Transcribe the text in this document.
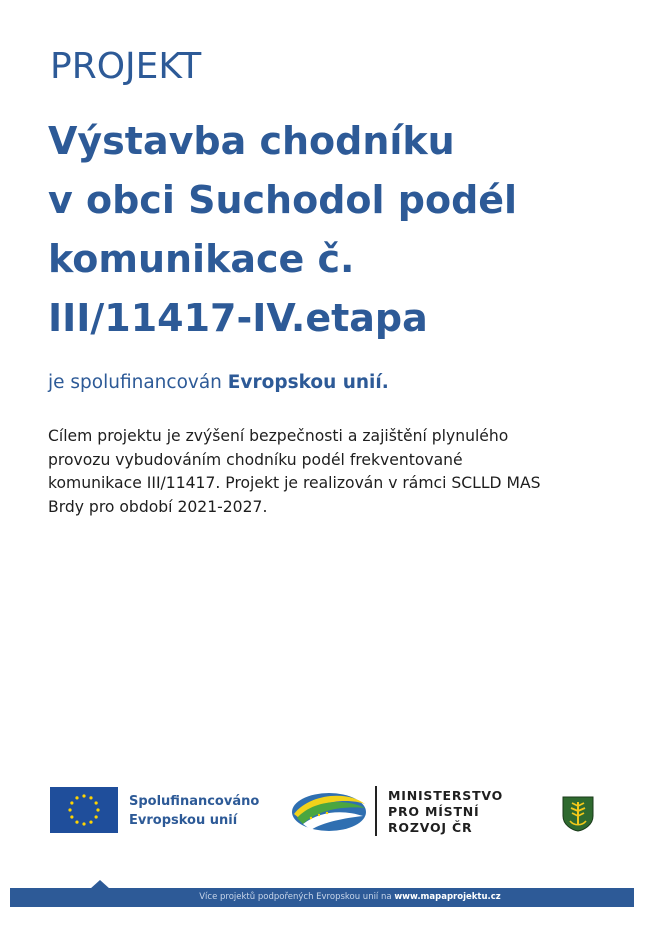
PROJEKT
Výstavba chodníku
v obci Suchodol podél
komunikace č.
III/11417-IV.etapa
je spolufinancován Evropskou unií.
Cílem projektu je zvýšení bezpečnosti a zajištění plynulého
provozu vybudováním chodníku podél frekventované
komunikace III/11417. Projekt je realizován v rámci SCLLD MAS
Brdy pro období 2021-2027.
Spolufinancováno
Evropskou unií
MINISTERSTVO
PRO MÍSTNÍ
ROZVOJ ČR
Více projektů podpořených Evropskou unií na www.mapaprojektu.cz
